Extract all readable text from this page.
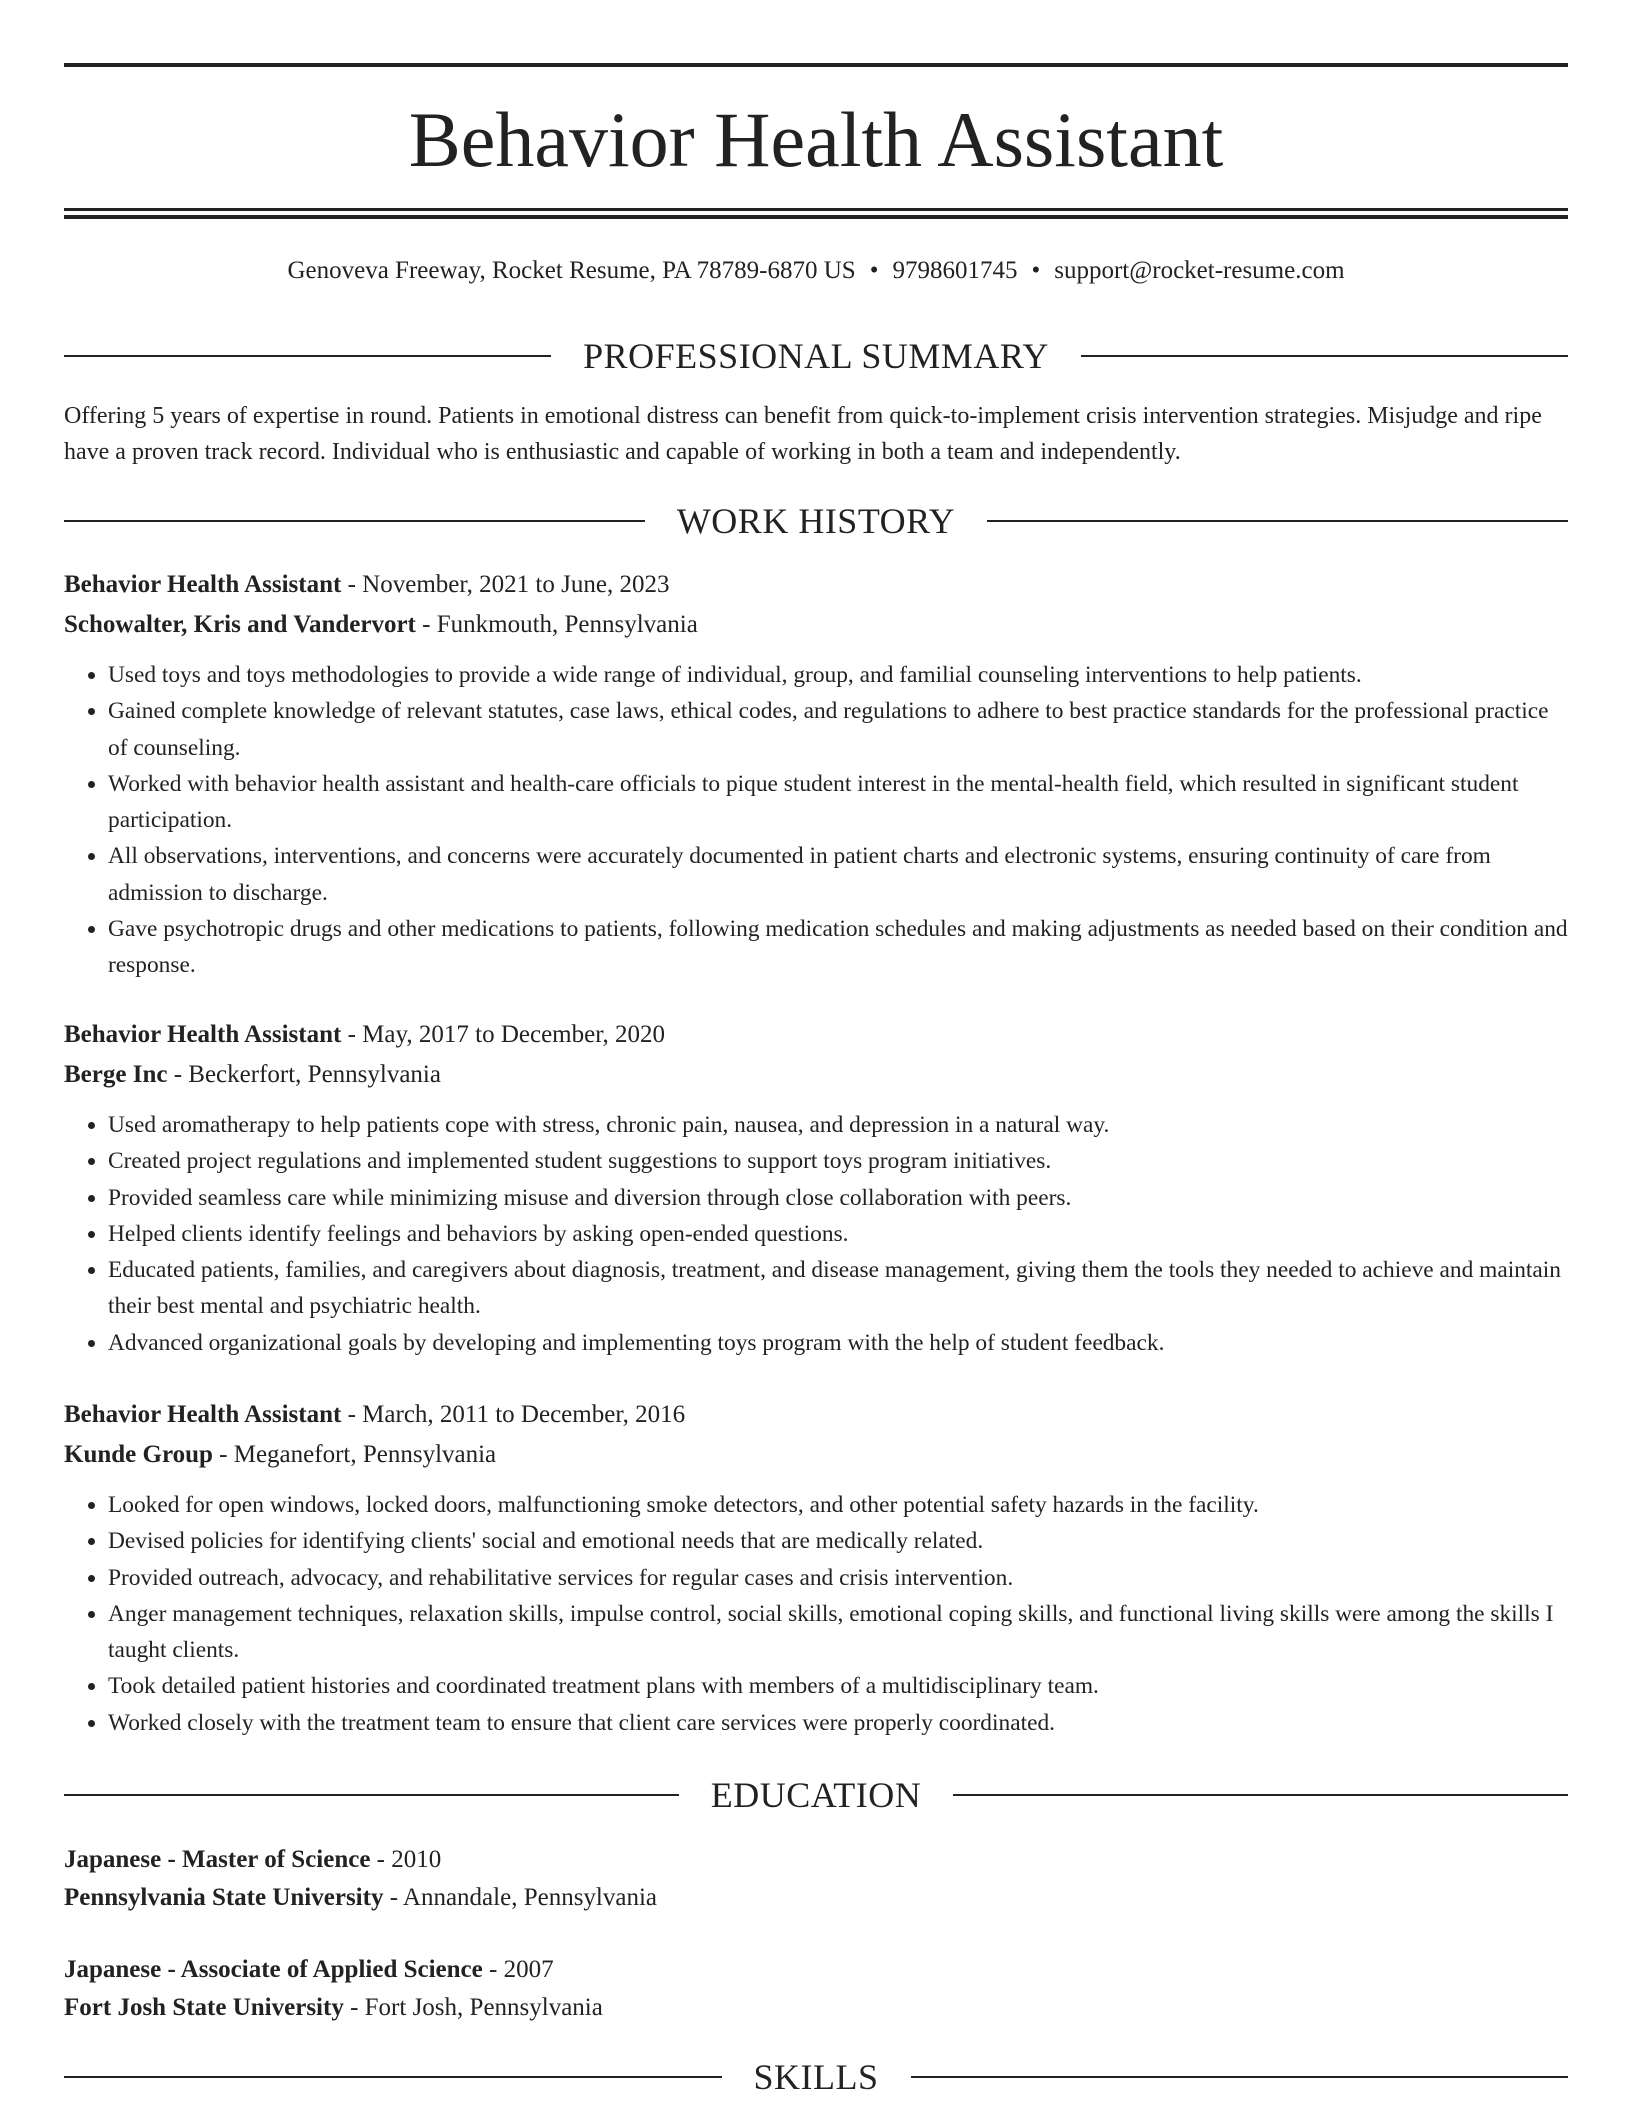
Behavior Health Assistant
Genoveva Freeway, Rocket Resume, PA 78789-6870 US • 9798601745 • support@rocket-resume.com
PROFESSIONAL SUMMARY

Offering 5 years of expertise in round. Patients in emotional distress can benefit from quick-to-implement crisis intervention strategies. Misjudge and ripe have a proven track record. Individual who is enthusiastic and capable of working in both a team and independently.

WORK HISTORY

Behavior Health Assistant - November, 2021 to June, 2023

Schowalter, Kris and Vandervort - Funkmouth, Pennsylvania

• Used toys and toys methodologies to provide a wide range of individual, group, and familial counseling interventions to help patients.
• Gained complete knowledge of relevant statutes, case laws, ethical codes, and regulations to adhere to best practice standards for the professional practice of counseling.
• Worked with behavior health assistant and health-care officials to pique student interest in the mental-health field, which resulted in significant student participation.
• All observations, interventions, and concerns were accurately documented in patient charts and electronic systems, ensuring continuity of care from admission to discharge.
• Gave psychotropic drugs and other medications to patients, following medication schedules and making adjustments as needed based on their condition and response.

Behavior Health Assistant - May, 2017 to December, 2020

Berge Inc - Beckerfort, Pennsylvania

• Used aromatherapy to help patients cope with stress, chronic pain, nausea, and depression in a natural way.
• Created project regulations and implemented student suggestions to support toys program initiatives.
• Provided seamless care while minimizing misuse and diversion through close collaboration with peers.
• Helped clients identify feelings and behaviors by asking open-ended questions.
• Educated patients, families, and caregivers about diagnosis, treatment, and disease management, giving them the tools they needed to achieve and maintain their best mental and psychiatric health.
• Advanced organizational goals by developing and implementing toys program with the help of student feedback.

Behavior Health Assistant - March, 2011 to December, 2016

Kunde Group - Meganefort, Pennsylvania

• Looked for open windows, locked doors, malfunctioning smoke detectors, and other potential safety hazards in the facility.
• Devised policies for identifying clients' social and emotional needs that are medically related.
• Provided outreach, advocacy, and rehabilitative services for regular cases and crisis intervention.
• Anger management techniques, relaxation skills, impulse control, social skills, emotional coping skills, and functional living skills were among the skills I taught clients.
• Took detailed patient histories and coordinated treatment plans with members of a multidisciplinary team.
• Worked closely with the treatment team to ensure that client care services were properly coordinated.
EDUCATION

Japanese - Master of Science - 2010

Pennsylvania State University - Annandale, Pennsylvania

Japanese - Associate of Applied Science - 2007

Fort Josh State University - Fort Josh, Pennsylvania

SKILLS
